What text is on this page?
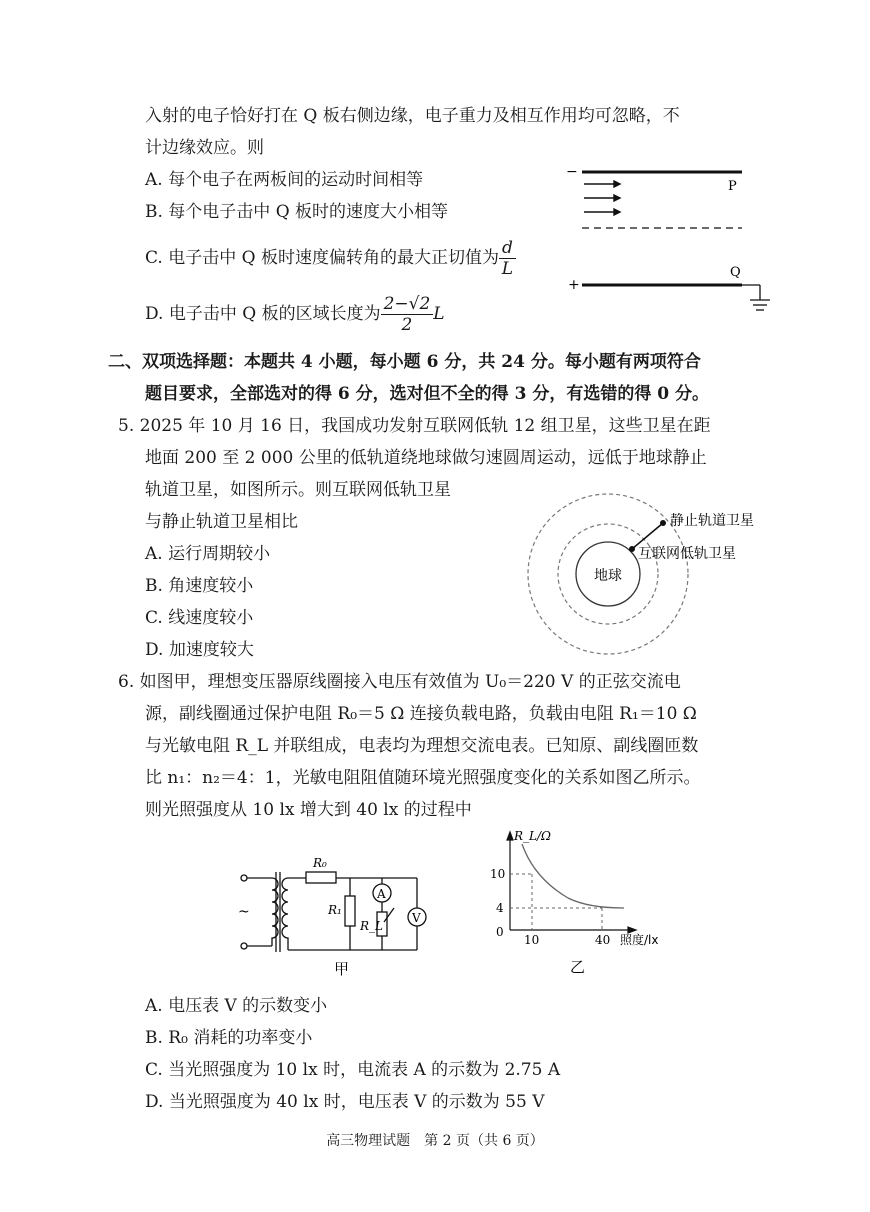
入射的电子恰好打在 Q 板右侧边缘，电子重力及相互作用均可忽略，不
计边缘效应。则
A. 每个电子在两板间的运动时间相等
B. 每个电子击中 Q 板时的速度大小相等
C. 电子击中 Q 板时速度偏转角的最大正切值为 $\frac{d}{L}$
D. 电子击中 Q 板的区域长度为 $\frac{2-√2}{2}$ L
−
P
Q
+
二、双项选择题：本题共 4 小题，每小题 6 分，共 24 分。每小题有两项符合
题目要求，全部选对的得 6 分，选对但不全的得 3 分，有选错的得 0 分。
5. 2025 年 10 月 16 日，我国成功发射互联网低轨 12 组卫星，这些卫星在距
地面 200 至 2 000 公里的低轨道绕地球做匀速圆周运动，远低于地球静止
轨道卫星，如图所示。则互联网低轨卫星
与静止轨道卫星相比
A. 运行周期较小
B. 角速度较小
C. 线速度较小
D. 加速度较大
地球
静止轨道卫星
互联网低轨卫星
6. 如图甲，理想变压器原线圈接入电压有效值为 U₀＝220 V 的正弦交流电
源，副线圈通过保护电阻 R₀＝5 Ω 连接负载电路，负载由电阻 R₁＝10 Ω
与光敏电阻 R_L 并联组成，电表均为理想交流电表。已知原、副线圈匝数
比 n₁：n₂＝4：1，光敏电阻阻值随环境光照强度变化的关系如图乙所示。
则光照强度从 10 lx 增大到 40 lx 的过程中
~
R₀
R₁
A
R_L
V
甲
R_L/Ω
10
4
0
10	40 照度/lx
乙
A. 电压表 V 的示数变小
B. R₀ 消耗的功率变小
C. 当光照强度为 10 lx 时，电流表 A 的示数为 2.75 A
D. 当光照强度为 40 lx 时，电压表 V 的示数为 55 V
高三物理试题　第 2 页（共 6 页）
